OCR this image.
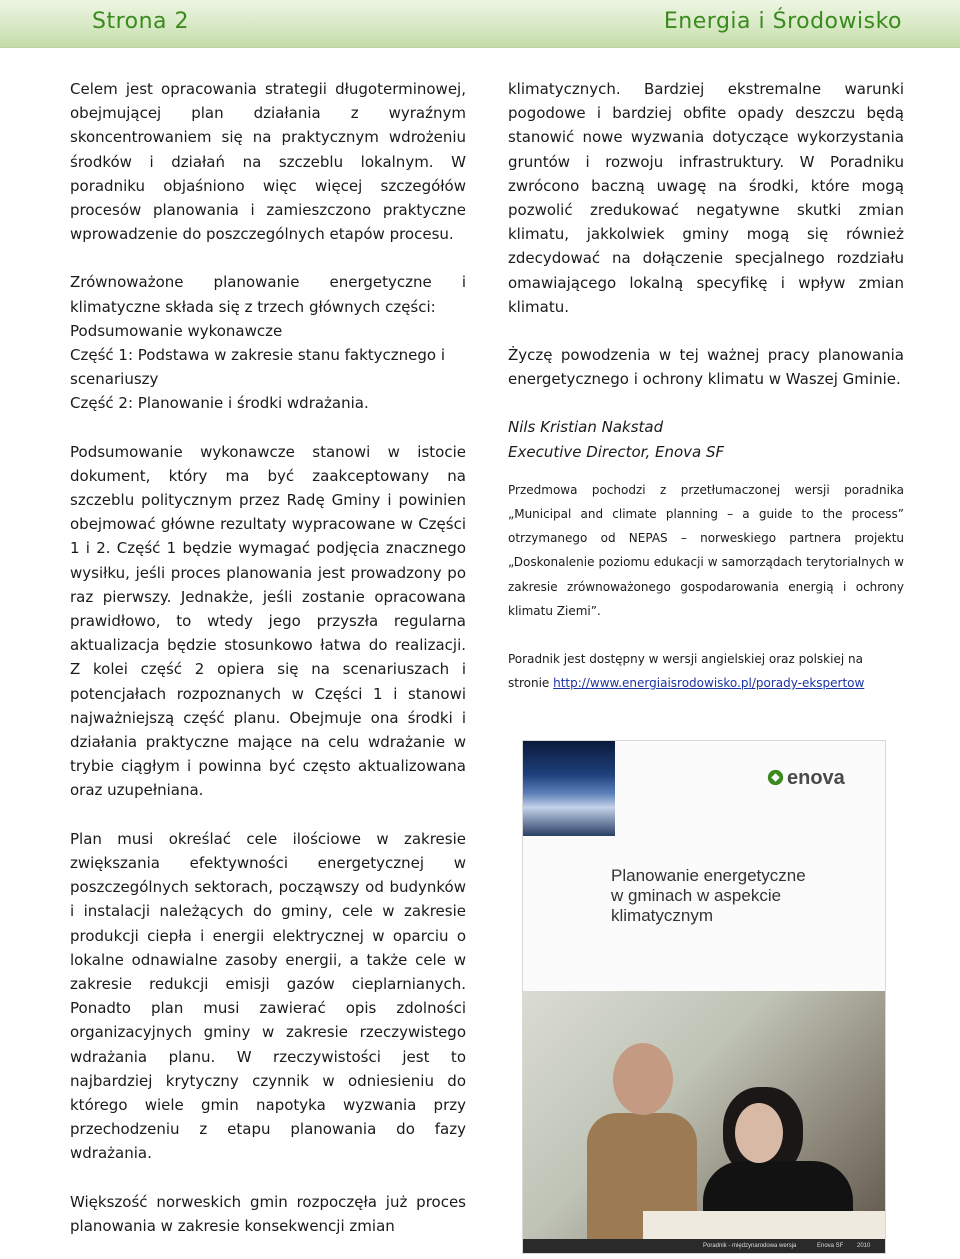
Strona 2	Energia i Środowisko

Celem jest opracowania strategii długoterminowej, obejmującej plan działania z wyraźnym skoncentrowaniem się na praktycznym wdrożeniu środków i działań na szczeblu lokalnym. W poradniku objaśniono więc więcej szczegółów procesów planowania i zamieszczono praktyczne wprowadzenie do poszczególnych etapów procesu.

Zrównoważone planowanie energetyczne i klimatyczne składa się z trzech głównych części:

Podsumowanie wykonawcze

Część 1: Podstawa w zakresie stanu faktycznego i scenariuszy

Część 2: Planowanie i środki wdrażania.

Podsumowanie wykonawcze stanowi w istocie dokument, który ma być zaakceptowany na szczeblu politycznym przez Radę Gminy i powinien obejmować główne rezultaty wypracowane w Części 1 i 2. Część 1 będzie wymagać podjęcia znacznego wysiłku, jeśli proces planowania jest prowadzony po raz pierwszy. Jednakże, jeśli zostanie opracowana prawidłowo, to wtedy jego przyszła regularna aktualizacja będzie stosunkowo łatwa do realizacji. Z kolei część 2 opiera się na scenariuszach i potencjałach rozpoznanych w Części 1 i stanowi najważniejszą część planu. Obejmuje ona środki i działania praktyczne mające na celu wdrażanie w trybie ciągłym i powinna być często aktualizowana oraz uzupełniana.

Plan musi określać cele ilościowe w zakresie zwiększania efektywności energetycznej w poszczególnych sektorach, począwszy od budynków i instalacji należących do gminy, cele w zakresie produkcji ciepła i energii elektrycznej w oparciu o lokalne odnawialne zasoby energii, a także cele w zakresie redukcji emisji gazów cieplarnianych. Ponadto plan musi zawierać opis zdolności organizacyjnych gminy w zakresie rzeczywistego wdrażania planu. W rzeczywistości jest to najbardziej krytyczny czynnik w odniesieniu do którego wiele gmin napotyka wyzwania przy przechodzeniu z etapu planowania do fazy wdrażania.

Większość norweskich gmin rozpoczęła już proces planowania w zakresie konsekwencji zmian

klimatycznych. Bardziej ekstremalne warunki pogodowe i bardziej obfite opady deszczu będą stanowić nowe wyzwania dotyczące wykorzystania gruntów i rozwoju infrastruktury. W Poradniku zwrócono baczną uwagę na środki, które mogą pozwolić zredukować negatywne skutki zmian klimatu, jakkolwiek gminy mogą się również zdecydować na dołączenie specjalnego rozdziału omawiającego lokalną specyfikę i wpływ zmian klimatu.

Życzę powodzenia w tej ważnej pracy planowania energetycznego i ochrony klimatu w Waszej Gminie.

Nils Kristian Nakstad

Executive Director, Enova SF

Przedmowa pochodzi z przetłumaczonej wersji poradnika „Municipal and climate planning – a guide to the process” otrzymanego od NEPAS – norweskiego partnera projektu „Doskonalenie poziomu edukacji w samorządach terytorialnych w zakresie zrównoważonego gospodarowania energią i ochrony klimatu Ziemi”.

Poradnik jest dostępny w wersji angielskiej oraz polskiej na stronie http://www.energiaisrodowisko.pl/porady-ekspertow

enova
Planowanie energetyczne w gminach w aspekcie klimatycznym
Poradnik - międzynarodowa wersja	Enova SF 2010
